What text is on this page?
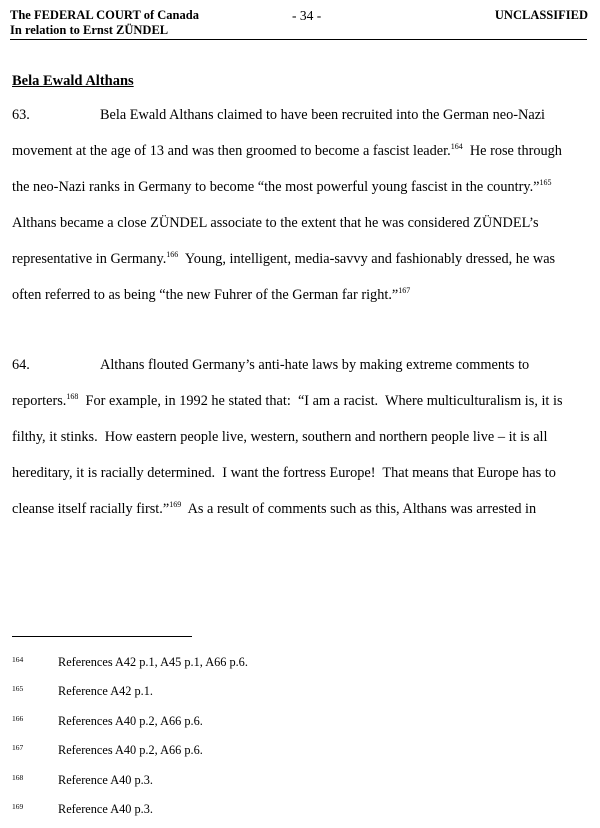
The FEDERAL COURT of Canada
In relation to Ernst ZÜNDEL
- 34 -	UNCLASSIFIED
Bela Ewald Althans
63.	Bela Ewald Althans claimed to have been recruited into the German neo-Nazi
movement at the age of 13 and was then groomed to become a fascist leader.$^{164}$  He rose through
the neo-Nazi ranks in Germany to become “the most powerful young fascist in the country.”$^{165}$
Althans became a close ZÜNDEL associate to the extent that he was considered ZÜNDEL’s
representative in Germany.$^{166}$  Young, intelligent, media-savvy and fashionably dressed, he was
often referred to as being “the new Fuhrer of the German far right.”$^{167}$
64.	Althans flouted Germany’s anti-hate laws by making extreme comments to
reporters.$^{168}$  For example, in 1992 he stated that:  “I am a racist.  Where multiculturalism is, it is
filthy, it stinks.  How eastern people live, western, southern and northern people live – it is all
hereditary, it is racially determined.  I want the fortress Europe!  That means that Europe has to
cleanse itself racially first.”$^{169}$  As a result of comments such as this, Althans was arrested in
164	References A42 p.1, A45 p.1, A66 p.6.
165	Reference A42 p.1.
166	References A40 p.2, A66 p.6.
167	References A40 p.2, A66 p.6.
168	Reference A40 p.3.
169	Reference A40 p.3.
